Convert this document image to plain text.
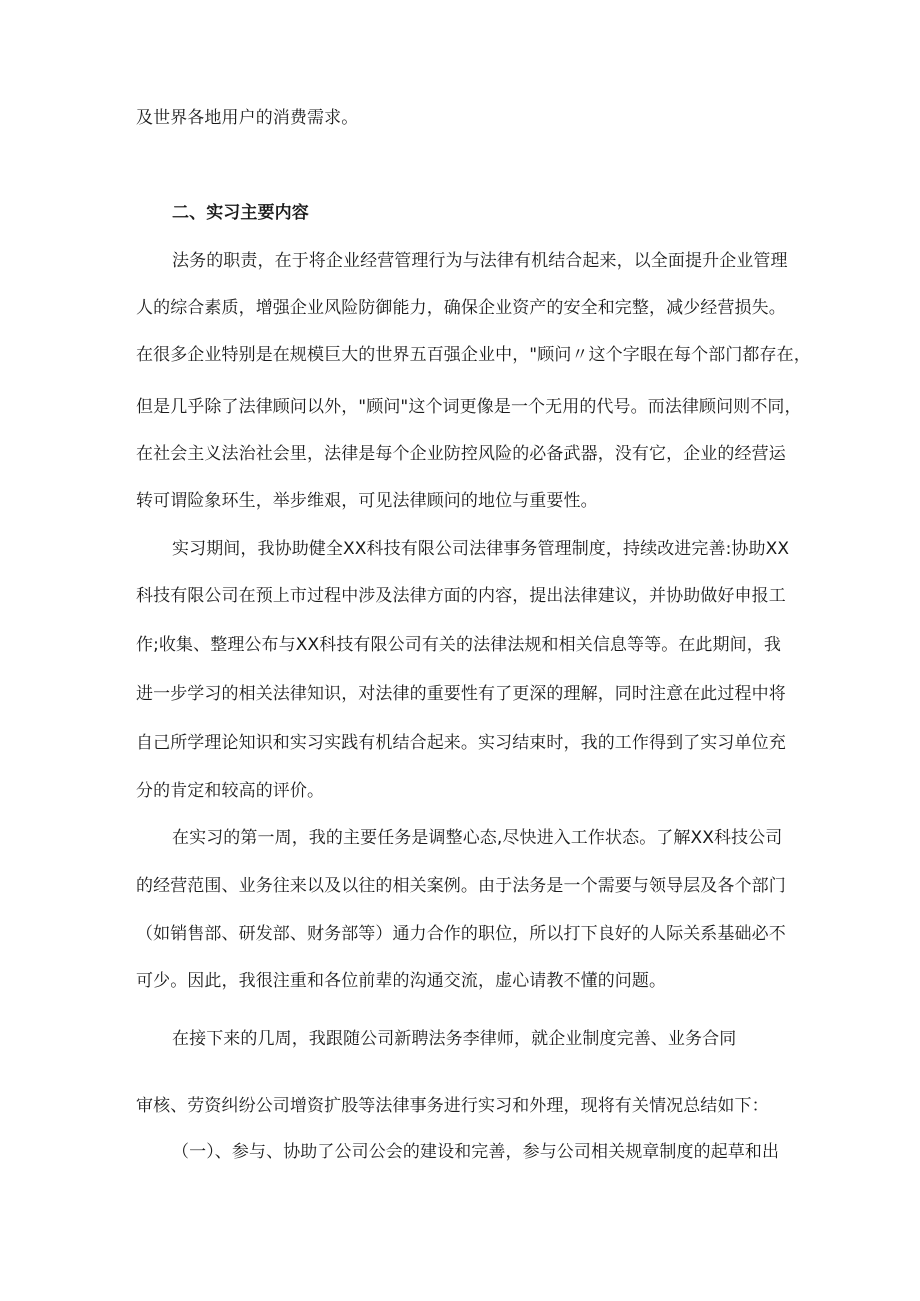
及世界各地用户的消费需求。
二、实习主要内容
法务的职责，在于将企业经营管理行为与法律有机结合起来，以全面提升企业管理
人的综合素质，增强企业风险防御能力，确保企业资产的安全和完整，减少经营损失。
在很多企业特别是在规模巨大的世界五百强企业中，"顾问〃这个字眼在每个部门都存在，
但是几乎除了法律顾问以外，"顾问"这个词更像是一个无用的代号。而法律顾问则不同，
在社会主义法治社会里，法律是每个企业防控风险的必备武器，没有它，企业的经营运
转可谓险象环生，举步维艰，可见法律顾问的地位与重要性。
实习期间，我协助健全XX科技有限公司法律事务管理制度，持续改进完善:协助XX
科技有限公司在预上市过程中涉及法律方面的内容，提出法律建议，并协助做好申报工
作;收集、整理公布与XX科技有限公司有关的法律法规和相关信息等等。在此期间，我
进一步学习的相关法律知识，对法律的重要性有了更深的理解，同时注意在此过程中将
自己所学理论知识和实习实践有机结合起来。实习结束时，我的工作得到了实习单位充
分的肯定和较高的评价。
在实习的第一周，我的主要任务是调整心态,尽快进入工作状态。了解XX科技公司
的经营范围、业务往来以及以往的相关案例。由于法务是一个需要与领导层及各个部门
（如销售部、研发部、财务部等）通力合作的职位，所以打下良好的人际关系基础必不
可少。因此，我很注重和各位前辈的沟通交流，虚心请教不懂的问题。
在接下来的几周，我跟随公司新聘法务李律师，就企业制度完善、业务合同
审核、劳资纠纷公司增资扩股等法律事务进行实习和外理，现将有关情况总结如下：
（一）、参与、协助了公司公会的建设和完善，参与公司相关规章制度的起草和出
